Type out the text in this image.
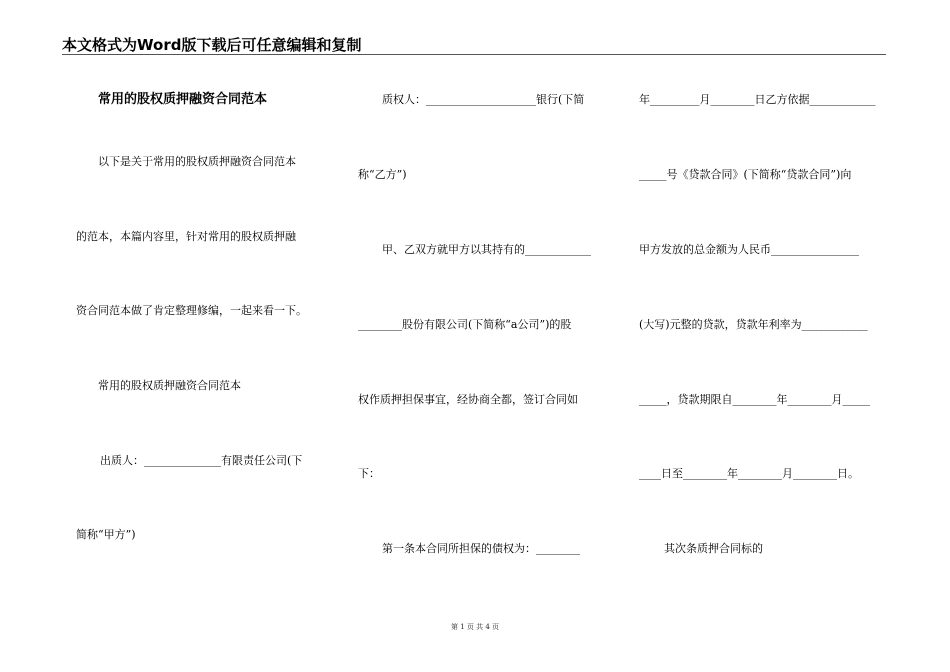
本文格式为Word版下载后可任意编辑和复制
常用的股权质押融资合同范本
以下是关于常用的股权质押融资合同范本
的范本，本篇内容里，针对常用的股权质押融
资合同范本做了肯定整理修编，一起来看一下。
常用的股权质押融资合同范本
出质人：______________有限责任公司(下
简称“甲方”)
质权人：____________________银行(下简
称“乙方”)
甲、乙双方就甲方以其持有的____________
________股份有限公司(下简称“a公司”)的股
权作质押担保事宜，经协商全都，签订合同如
下：
第一条本合同所担保的债权为：________
年_________月________日乙方依据____________
_____号《贷款合同》(下简称“贷款合同”)向
甲方发放的总金额为人民币________________
(大写)元整的贷款，贷款年利率为____________
_____，贷款期限自________年________月_____
____日至________年________月________日。
其次条质押合同标的
第 1 页 共 4 页
